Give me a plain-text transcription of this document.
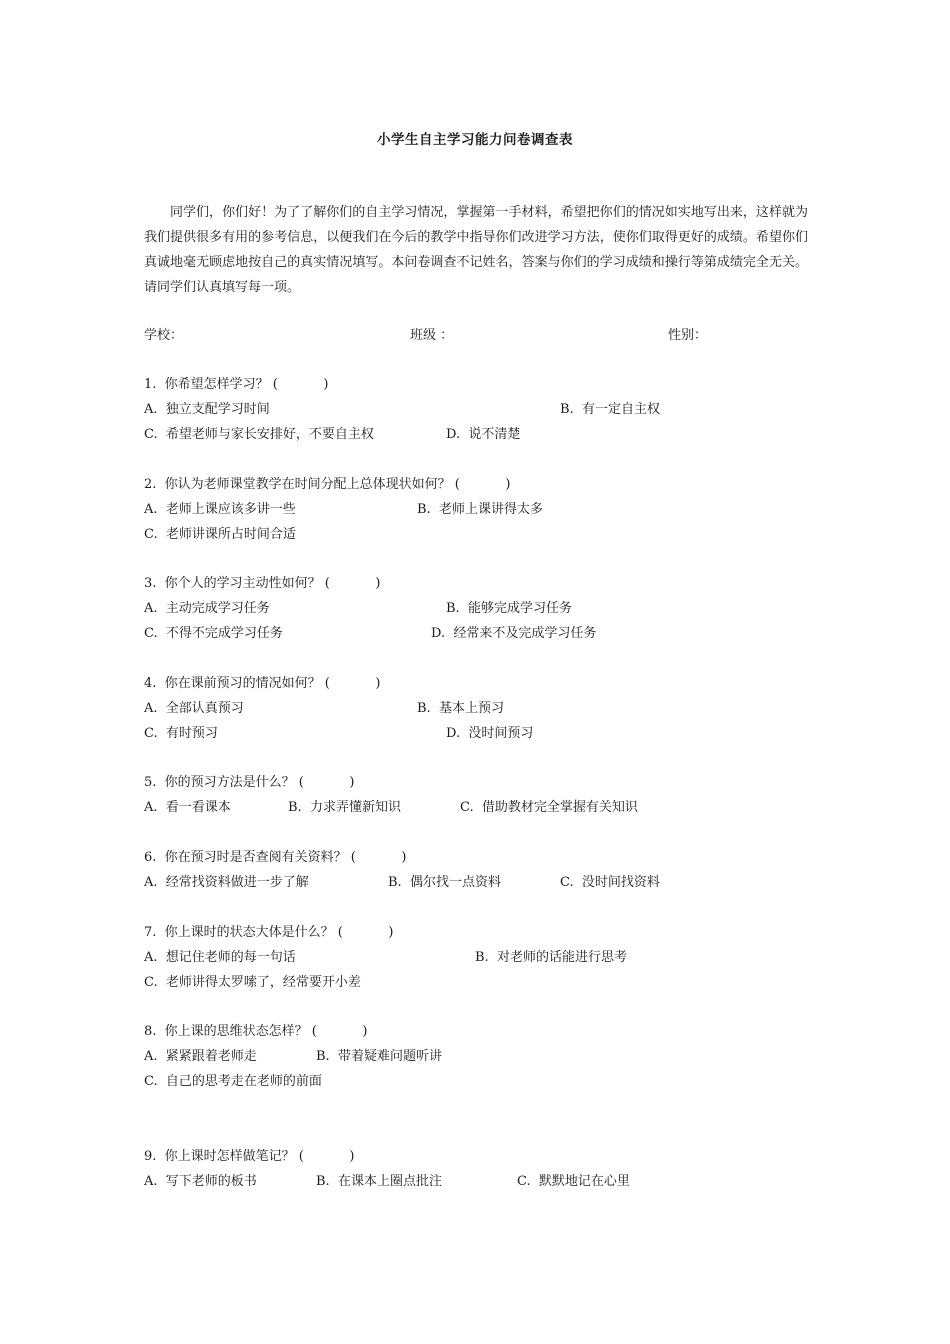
小学生自主学习能力问卷调查表

同学们，你们好！为了了解你们的自主学习情况，掌握第一手材料，希望把你们的情况如实地写出来，这样就为我们提供很多有用的参考信息，以便我们在今后的教学中指导你们改进学习方法，使你们取得更好的成绩。希望你们真诚地毫无顾虑地按自己的真实情况填写。本问卷调查不记姓名，答案与你们的学习成绩和操行等第成绩完全无关。请同学们认真填写每一项。

学校：	班级 ：	性别：
1.  你希望怎样学习？ (           )
A.  独立支配学习时间	B.  有一定自主权
C.  希望老师与家长安排好，不要自主权	D.  说不清楚
2.  你认为老师课堂教学在时间分配上总体现状如何？ (           )
A.  老师上课应该多讲一些	B.  老师上课讲得太多
C.  老师讲课所占时间合适
3.  你个人的学习主动性如何？ (           )
A.  主动完成学习任务	B.  能够完成学习任务
C.  不得不完成学习任务	D.  经常来不及完成学习任务
4.  你在课前预习的情况如何？ (           )
A.  全部认真预习	B.  基本上预习
C.  有时预习	D.  没时间预习
5.  你的预习方法是什么？ (           )
A.  看一看课本	B.  力求弄懂新知识	C.  借助教材完全掌握有关知识
6.  你在预习时是否查阅有关资料？ (           )
A.  经常找资料做进一步了解	B.  偶尔找一点资料	C.  没时间找资料
7.  你上课时的状态大体是什么？ (           )
A.  想记住老师的每一句话	B.  对老师的话能进行思考
C.  老师讲得太罗嗦了，经常要开小差
8.  你上课的思维状态怎样？ (           )
A.  紧紧跟着老师走	B.  带着疑难问题听讲
C.  自己的思考走在老师的前面
9.  你上课时怎样做笔记？ (           )
A.  写下老师的板书	B.  在课本上圈点批注	C.  默默地记在心里
